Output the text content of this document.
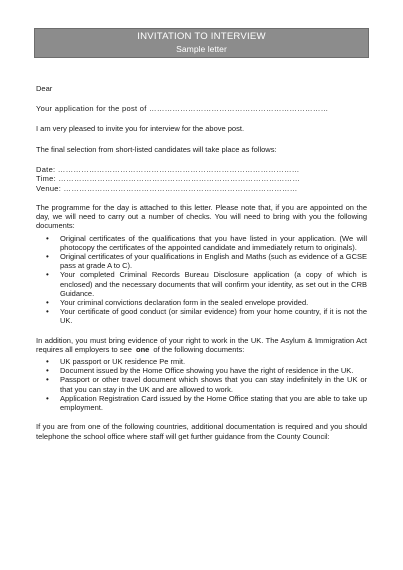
INVITATION TO INTERVIEW
Sample letter

Dear

Your application for the post of ……………………………………………………………

I am very pleased to invite you for interview for the above post.

The final selection from short-listed candidates will take place as follows:

Date: …………………………………………………………………………………
Time: …………………………………………………………………………………
Venue: ………………………………………………………………………………

The programme for the day is attached to this letter. Please note that, if you are appointed on the day, we will need to carry out a number of checks. You will need to bring with you the following documents:

• Original certificates of the qualifications that you have listed in your application. (We will photocopy the certificates of the appointed candidate and immediately return to originals).
• Original certificates of your qualifications in English and Maths (such as evidence of a GCSE pass at grade A to C).
• Your completed Criminal Records Bureau Disclosure application (a copy of which is enclosed) and the necessary documents that will confirm your identity, as set out in the CRB Guidance.
• Your criminal convictions declaration form in the sealed envelope provided.
• Your certificate of good conduct (or similar evidence) from your home country, if it is not the UK.

In addition, you must bring evidence of your right to work in the UK. The Asylum & Immigration Act requires all employers to see one of the following documents:

• UK passport or UK residence Pe rmit.
• Document issued by the Home Office showing you have the right of residence in the UK.
• Passport or other travel document which shows that you can stay indefinitely in the UK or that you can stay in the UK and are allowed to work.
• Application Registration Card issued by the Home Office stating that you are able to take up employment.

If you are from one of the following countries, additional documentation is required and you should telephone the school office where staff will get further guidance from the County Council:
